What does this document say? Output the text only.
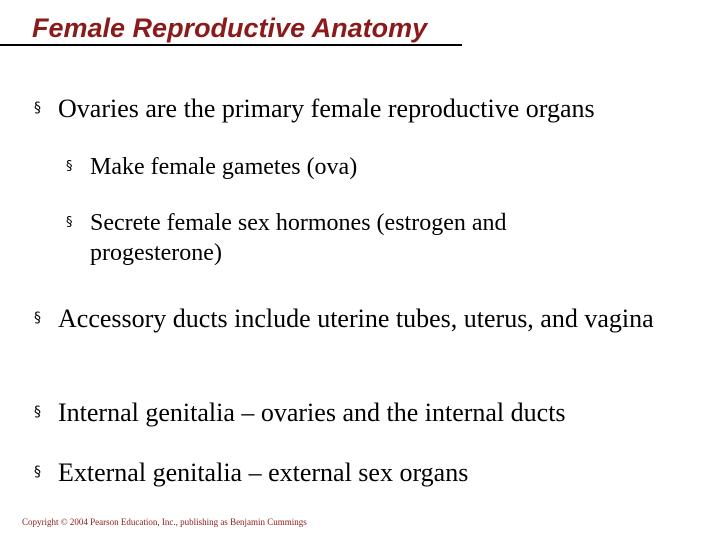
Female Reproductive Anatomy
§ Ovaries are the primary female reproductive organs
§ Make female gametes (ova)
§ Secrete female sex hormones (estrogen and progesterone)
§ Accessory ducts include uterine tubes, uterus, and vagina
§ Internal genitalia – ovaries and the internal ducts
§ External genitalia – external sex organs
Copyright © 2004 Pearson Education, Inc., publishing as Benjamin Cummings
